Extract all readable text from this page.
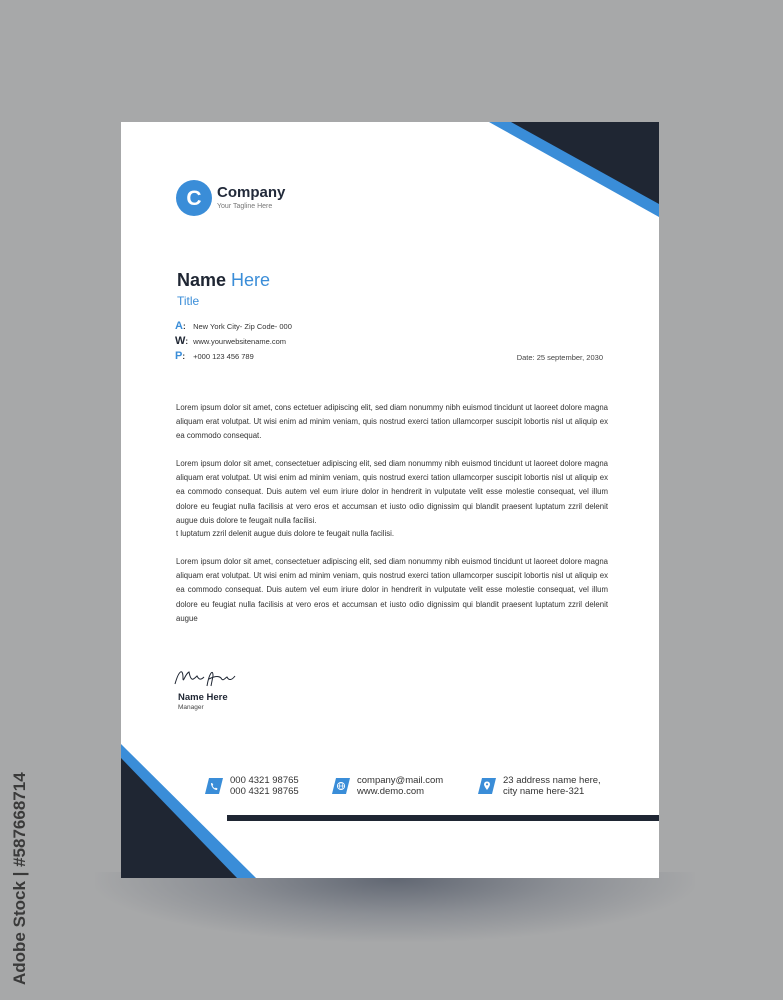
C Company
Your Tagline Here
Name Here
Title
A: New York City- Zip Code- 000
W: www.yourwebsitename.com
P: +000 123 456 789	Date: 25 september, 2030
Lorem ipsum dolor sit amet, cons ectetuer adipiscing elit, sed diam nonummy nibh euismod tincidunt ut laoreet dolore magna aliquam erat volutpat. Ut wisi enim ad minim veniam, quis nostrud exerci tation ullamcorper suscipit lobortis nisl ut aliquip ex ea commodo consequat.
Lorem ipsum dolor sit amet, consectetuer adipiscing elit, sed diam nonummy nibh euismod tincidunt ut laoreet dolore magna aliquam erat volutpat. Ut wisi enim ad minim veniam, quis nostrud exerci tation ullamcorper suscipit lobortis nisl ut aliquip ex ea commodo consequat. Duis autem vel eum iriure dolor in hendrerit in vulputate velit esse molestie consequat, vel illum dolore eu feugiat nulla facilisis at vero eros et accumsan et iusto odio dignissim qui blandit praesent luptatum zzril delenit augue duis dolore te feugait nulla facilisi.
t luptatum zzril delenit augue duis dolore te feugait nulla facilisi.
Lorem ipsum dolor sit amet, consectetuer adipiscing elit, sed diam nonummy nibh euismod tincidunt ut laoreet dolore magna aliquam erat volutpat. Ut wisi enim ad minim veniam, quis nostrud exerci tation ullamcorper suscipit lobortis nisl ut aliquip ex ea commodo consequat. Duis autem vel eum iriure dolor in hendrerit in vulputate velit esse molestie consequat, vel illum dolore eu feugiat nulla facilisis at vero eros et accumsan et iusto odio dignissim qui blandit praesent luptatum zzril delenit augue
Name Here
Manager
000 4321 98765
000 4321 98765
company@mail.com
www.demo.com
23 address name here,
city name here-321
Adobe Stock | #587668714
